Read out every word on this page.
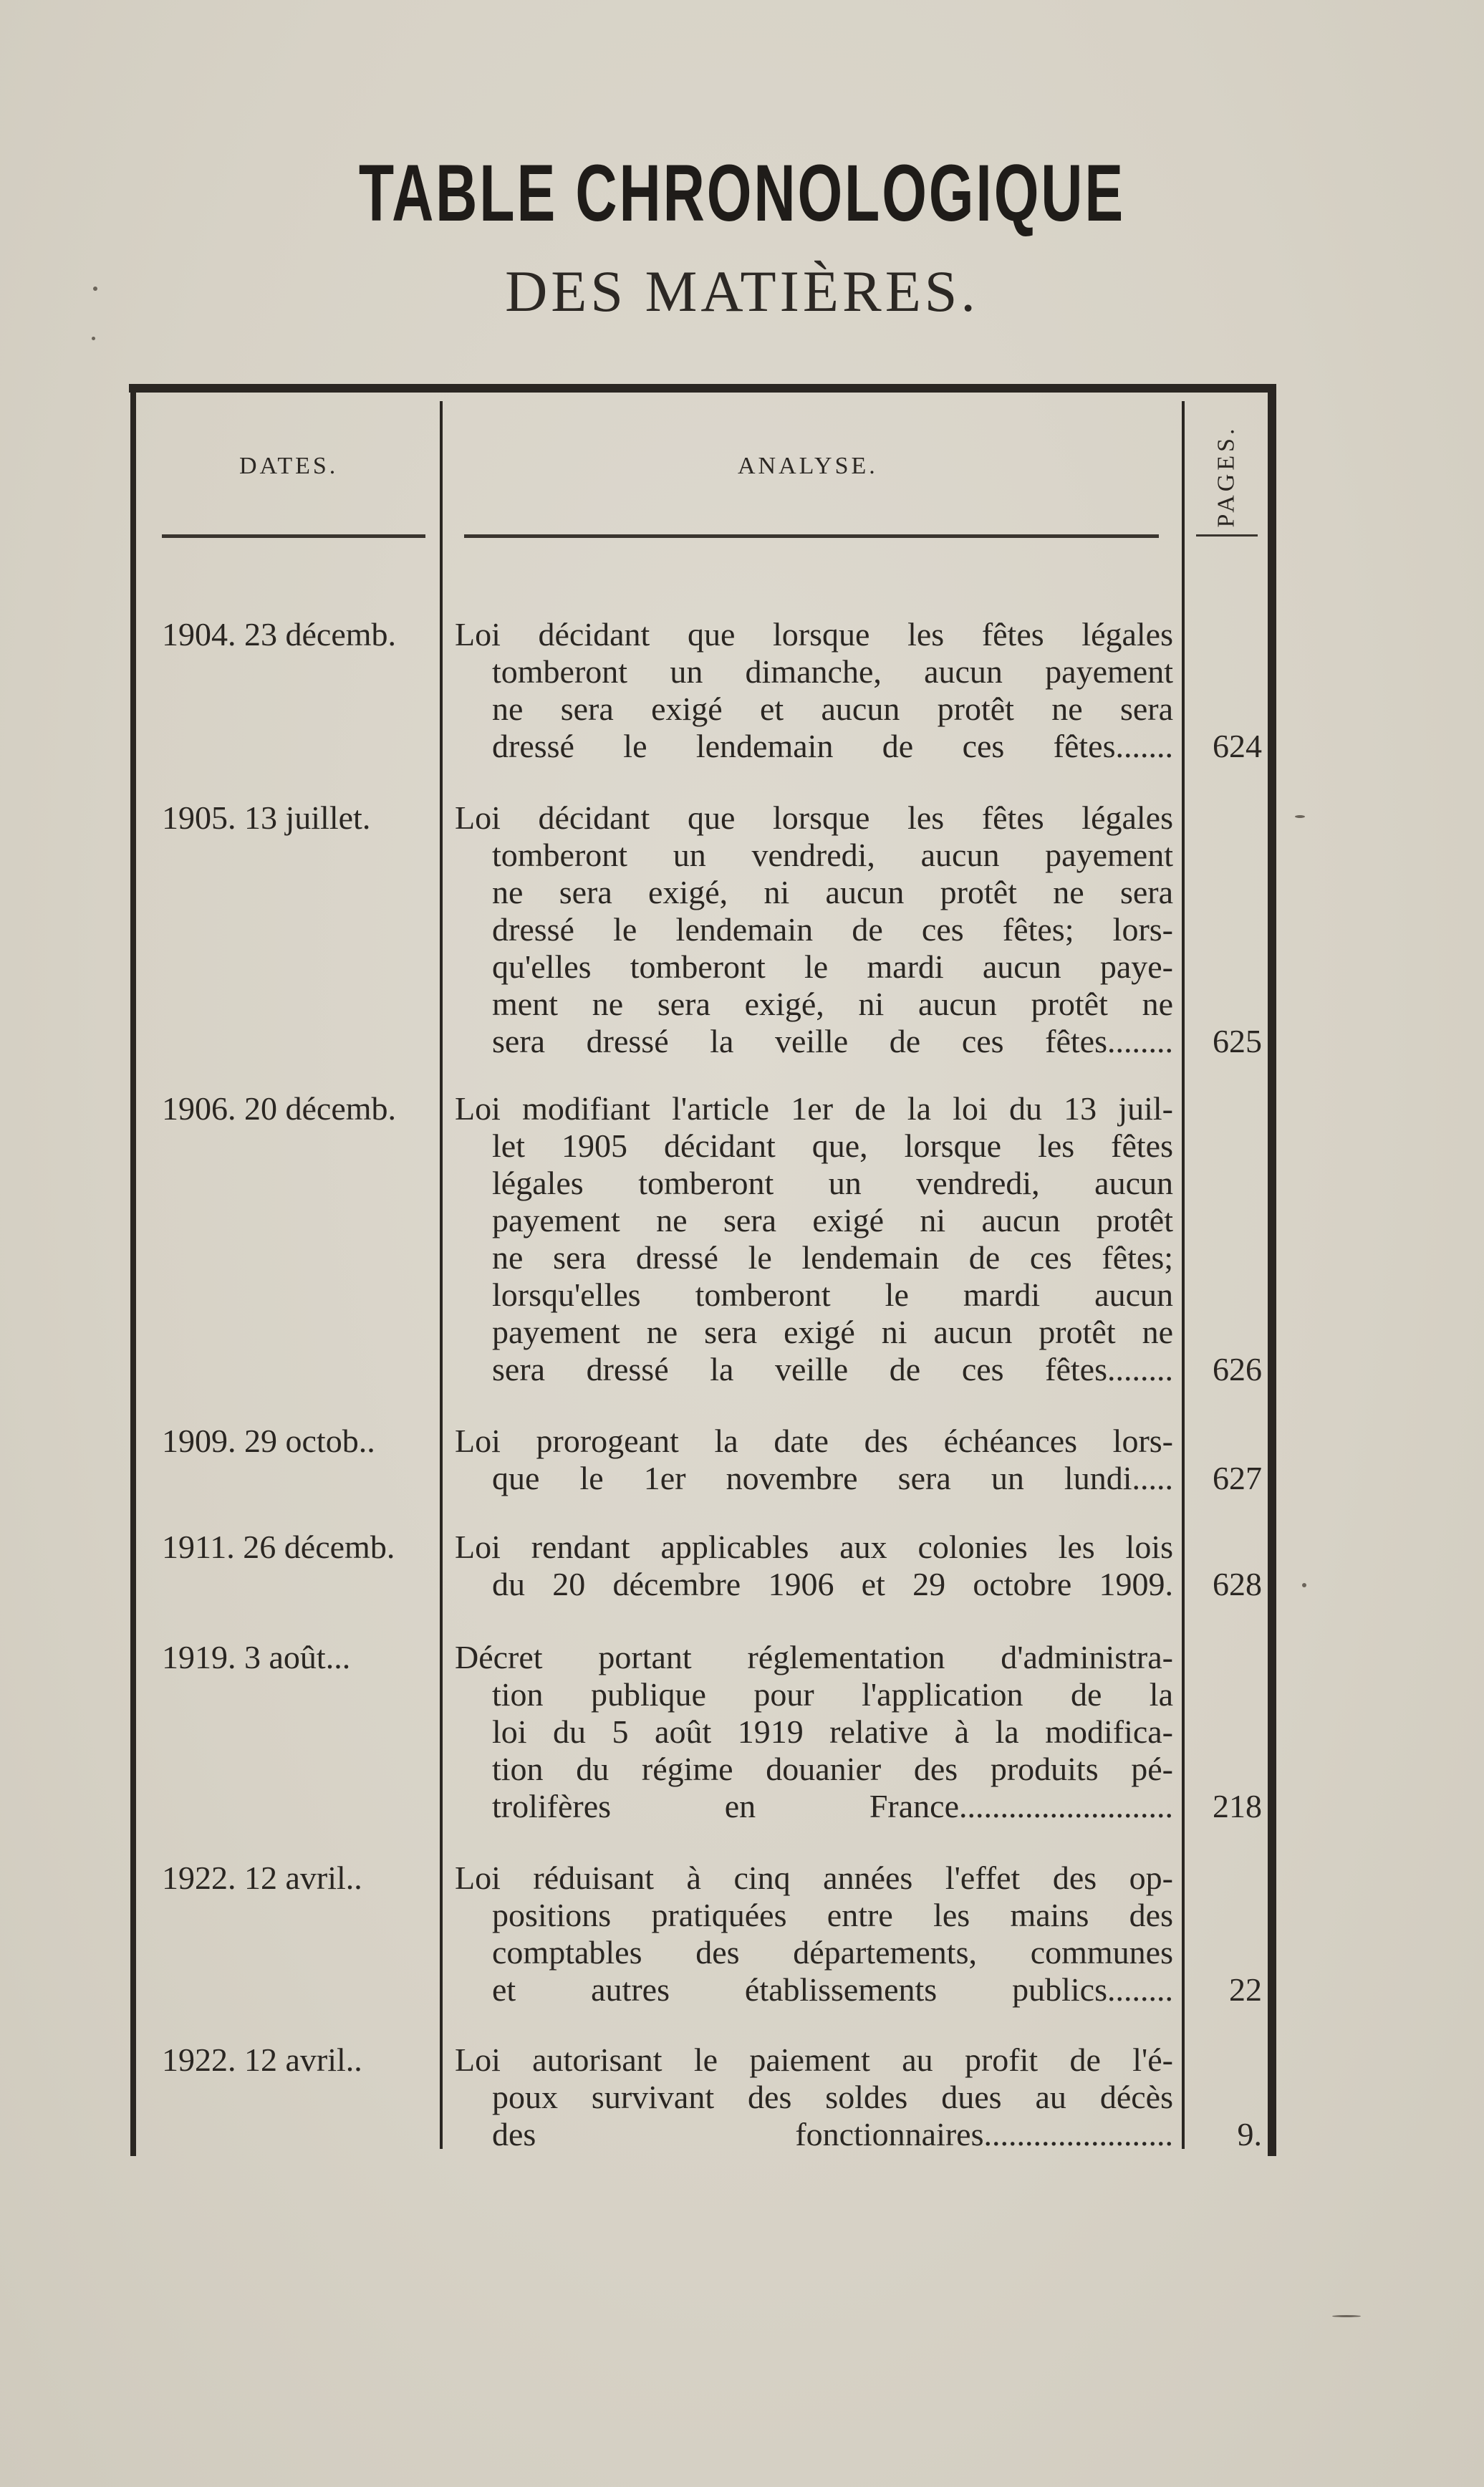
TABLE CHRONOLOGIQUE
DES MATIÈRES.
DATES.	ANALYSE.	PAGES.
1904. 23 décemb.	Loi décidant que lorsque les fêtes légales
tomberont un dimanche, aucun payement
ne sera exigé et aucun protêt ne sera
dressé le lendemain de ces fêtes.......	624
1905. 13 juillet.	Loi décidant que lorsque les fêtes légales
tomberont un vendredi, aucun payement
ne sera exigé, ni aucun protêt ne sera
dressé le lendemain de ces fêtes; lors-
qu'elles tomberont le mardi aucun paye-
ment ne sera exigé, ni aucun protêt ne
sera dressé la veille de ces fêtes........	625
1906. 20 décemb.	Loi modifiant l'article 1er de la loi du 13 juil-
let 1905 décidant que, lorsque les fêtes
légales tomberont un vendredi, aucun
payement ne sera exigé ni aucun protêt
ne sera dressé le lendemain de ces fêtes;
lorsqu'elles tomberont le mardi aucun
payement ne sera exigé ni aucun protêt ne
sera dressé la veille de ces fêtes........	626
1909. 29 octob..	Loi prorogeant la date des échéances lors-
que le 1er novembre sera un lundi.....	627
1911. 26 décemb.	Loi rendant applicables aux colonies les lois
du 20 décembre 1906 et 29 octobre 1909.	628
1919. 3 août...	Décret portant réglementation d'administra-
tion publique pour l'application de la
loi du 5 août 1919 relative à la modifica-
tion du régime douanier des produits pé-
trolifères en France..........................	218
1922. 12 avril..	Loi réduisant à cinq années l'effet des op-
positions pratiquées entre les mains des
comptables des départements, communes
et autres établissements publics........	22
1922. 12 avril..	Loi autorisant le paiement au profit de l'é-
poux survivant des soldes dues au décès
des fonctionnaires.......................	9.
